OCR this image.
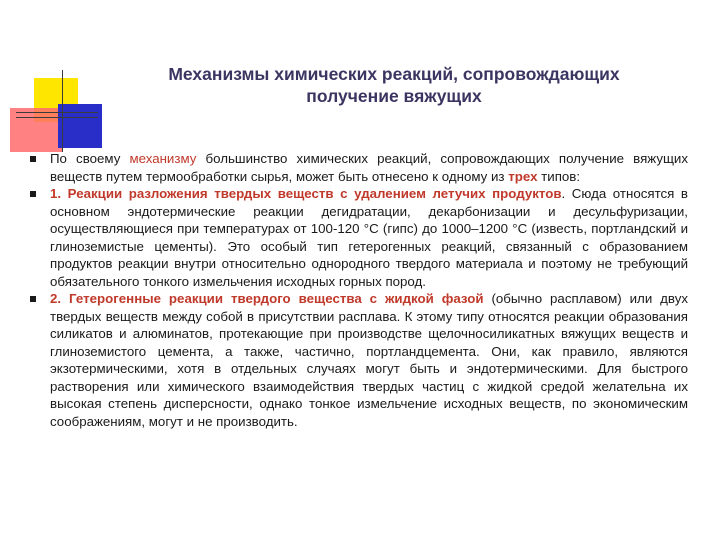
Механизмы химических реакций, сопровождающих
получение вяжущих
По своему механизму большинство химических реакций, сопровождающих получение вяжущих веществ путем термообработки сырья, может быть отнесено к одному из трех типов:
1. Реакции разложения твердых веществ с удалением летучих продуктов. Сюда относятся в основном эндотермические реакции дегидратации, декарбонизации и десульфуризации, осуществляющиеся при температурах от 100-120 °С (гипс) до 1000–1200 °С (известь, портландский и глиноземистые цементы). Это особый тип гетерогенных реакций, связанный с образованием продуктов реакции внутри относительно однородного твердого материала и поэтому не требующий обязательного тонкого измельчения исходных горных пород.
2. Гетерогенные реакции твердого вещества с жидкой фазой (обычно расплавом) или двух твердых веществ между собой в присутствии расплава. К этому типу относятся реакции образования силикатов и алюминатов, протекающие при производстве щелочносиликатных вяжущих веществ и глиноземистого цемента, а также, частично, портландцемента. Они, как правило, являются экзотермическими, хотя в отдельных случаях могут быть и эндотермическими. Для быстрого растворения или химического взаимодействия твердых частиц с жидкой средой желательна их высокая степень дисперсности, однако тонкое измельчение исходных веществ, по экономическим соображениям, могут и не производить.
